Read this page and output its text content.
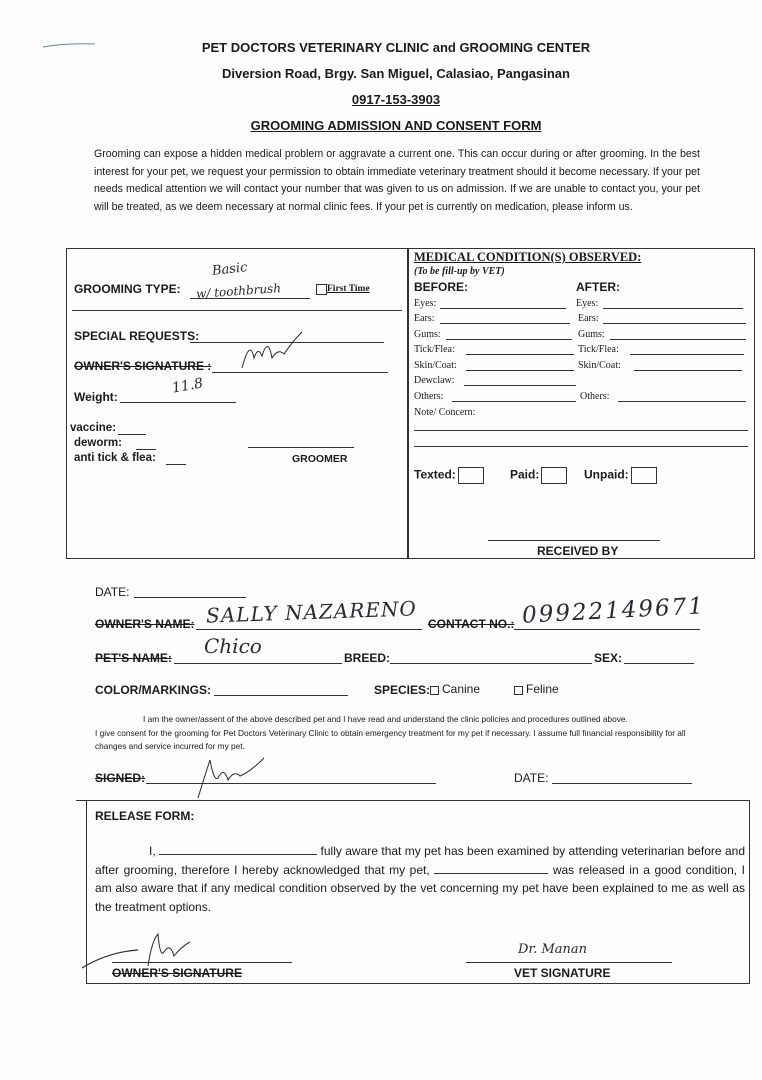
PET DOCTORS VETERINARY CLINIC and GROOMING CENTER
Diversion Road, Brgy. San Miguel, Calasiao, Pangasinan
0917-153-3903
GROOMING ADMISSION AND CONSENT FORM
Grooming can expose a hidden medical problem or aggravate a current one. This can occur during or after grooming. In the best interest for your pet, we request your permission to obtain immediate veterinary treatment should it become necessary. If your pet needs medical attention we will contact your number that was given to us on admission. If we are unable to contact you, your pet will be treated, as we deem necessary at normal clinic fees. If your pet is currently on medication, please inform us.
GROOMING TYPE:
Basic
w/ toothbrush	First Time
SPECIAL REQUESTS:
OWNER'S SIGNATURE :
Weight:
11.8
vaccine:
deworm:
anti tick & flea:	GROOMER
MEDICAL CONDITION(S) OBSERVED:
(To be fill-up by VET)
BEFORE:	AFTER:
Eyes:	Eyes:
Ears:	Ears:
Gums:	Gums:
Tick/Flea:	Tick/Flea:
Skin/Coat:	Skin/Coat:
Dewclaw:
Others:	Others:
Note/ Concern:
Texted:	Paid:	Unpaid:
RECEIVED BY
DATE:
OWNER'S NAME: SALLY NAZARENO CONTACT NO.: 09922149671
PET'S NAME: Chico	BREED:	SEX:
COLOR/MARKINGS:	SPECIES: Canine	Feline
I am the owner/assent of the above described pet and I have read and understand the clinic policies and procedures outlined above.
I give consent for the grooming for Pet Doctors Veterinary Clinic to obtain emergency treatment for my pet if necessary. I assume full financial responsibility for all changes and service incurred for my pet.
SIGNED:	DATE:
RELEASE FORM:
I,	fully aware that my pet has been examined by attending veterinarian before and after grooming, therefore I hereby acknowledged that my pet,	was released in a good condition, I am also aware that if any medical condition observed by the vet concerning my pet have been explained to me as well as the treatment options.
OWNER'S SIGNATURE
Dr. Manan
VET SIGNATURE
